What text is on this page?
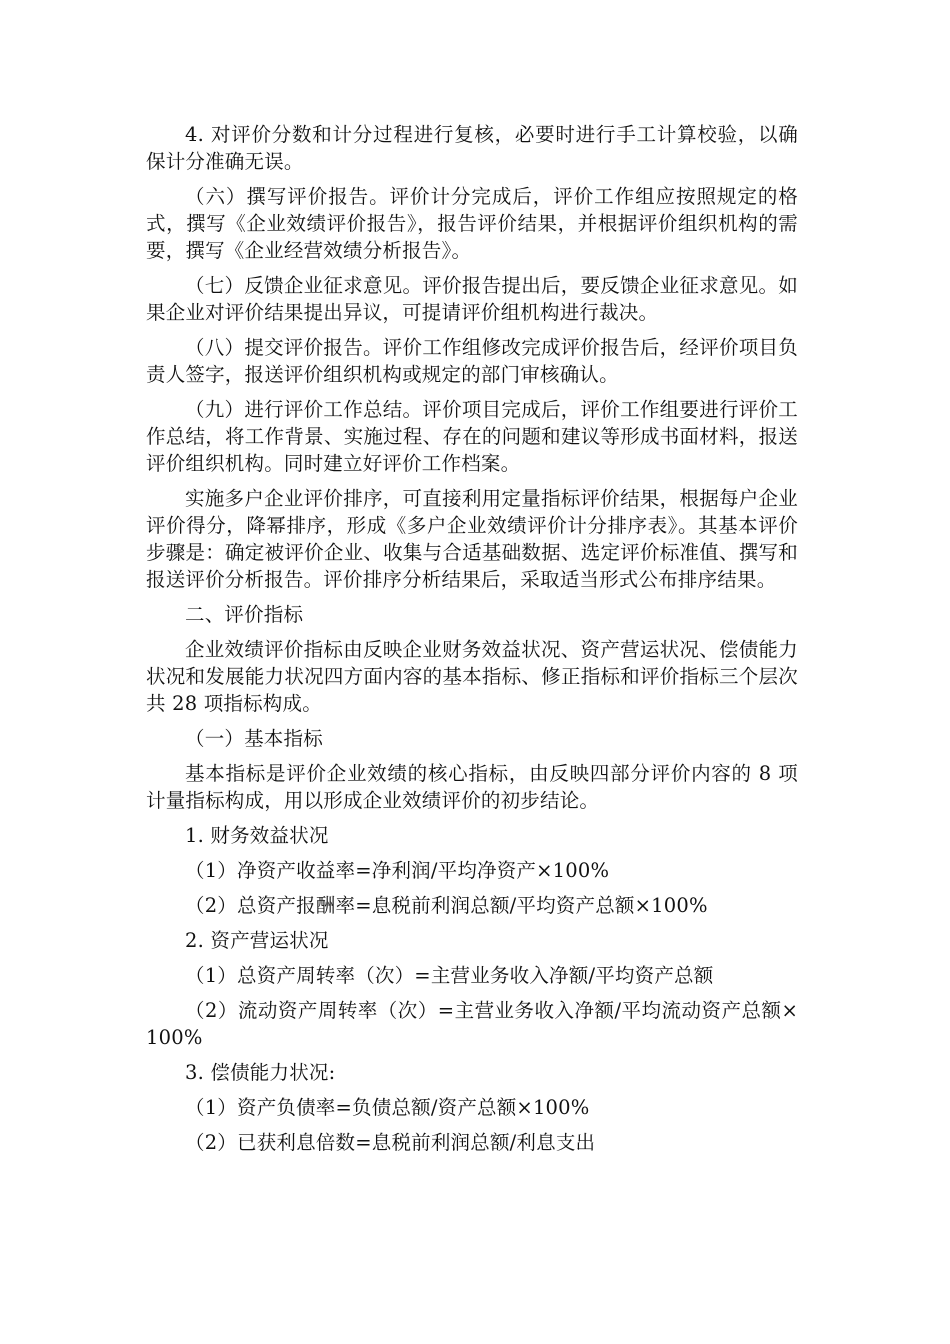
4. 对评价分数和计分过程进行复核，必要时进行手工计算校验，以确保计分准确无误。

（六）撰写评价报告。评价计分完成后，评价工作组应按照规定的格式，撰写《企业效绩评价报告》，报告评价结果，并根据评价组织机构的需要，撰写《企业经营效绩分析报告》。

（七）反馈企业征求意见。评价报告提出后，要反馈企业征求意见。如果企业对评价结果提出异议，可提请评价组机构进行裁决。

（八）提交评价报告。评价工作组修改完成评价报告后，经评价项目负责人签字，报送评价组织机构或规定的部门审核确认。

（九）进行评价工作总结。评价项目完成后，评价工作组要进行评价工作总结，将工作背景、实施过程、存在的问题和建议等形成书面材料，报送评价组织机构。同时建立好评价工作档案。

实施多户企业评价排序，可直接利用定量指标评价结果，根据每户企业评价得分，降幂排序，形成《多户企业效绩评价计分排序表》。其基本评价步骤是：确定被评价企业、收集与合适基础数据、选定评价标准值、撰写和报送评价分析报告。评价排序分析结果后，采取适当形式公布排序结果。

二、评价指标

企业效绩评价指标由反映企业财务效益状况、资产营运状况、偿债能力状况和发展能力状况四方面内容的基本指标、修正指标和评价指标三个层次共 28 项指标构成。

（一）基本指标

基本指标是评价企业效绩的核心指标，由反映四部分评价内容的 8 项计量指标构成，用以形成企业效绩评价的初步结论。

1. 财务效益状况

（1）净资产收益率=净利润/平均净资产×100%

（2）总资产报酬率=息税前利润总额/平均资产总额×100%

2. 资产营运状况

（1）总资产周转率（次）=主营业务收入净额/平均资产总额

（2）流动资产周转率（次）=主营业务收入净额/平均流动资产总额×100%

3. 偿债能力状况:

（1）资产负债率=负债总额/资产总额×100%

（2）已获利息倍数=息税前利润总额/利息支出
